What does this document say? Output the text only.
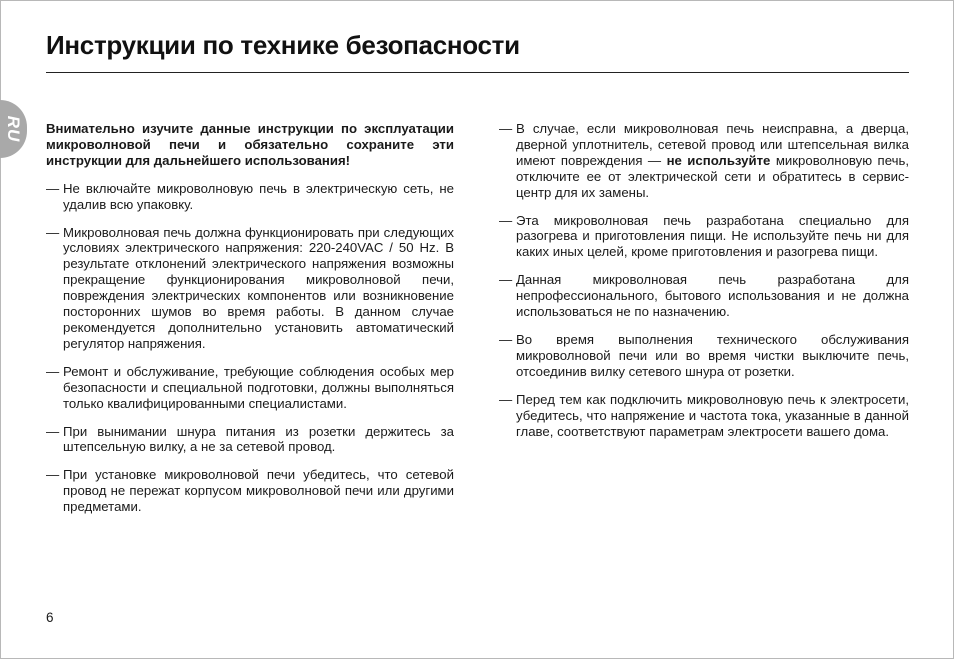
Инструкции по технике безопасности
RU Внимательно изучите данные инструкции по эксплуатации микроволновой печи и обязательно сохраните эти инструкции для дальнейшего использования!

— Не включайте микроволновую печь в электрическую сеть, не удалив всю упаковку.
— Микроволновая печь должна функционировать при следующих условиях электрического напряжения: 220-240VAC / 50 Hz. В результате отклонений электрического напряжения возможны прекращение функционирования микроволновой печи, повреждения электрических компонентов или возникновение посторонних шумов во время работы. В данном случае рекомендуется дополнительно установить автоматический регулятор напряжения.
— Ремонт и обслуживание, требующие соблюдения особых мер безопасности и специальной подготовки, должны выполняться только квалифицированными специалистами.
— При вынимании шнура питания из розетки держитесь за штепсельную вилку, а не за сетевой провод.
— При установке микроволновой печи убедитесь, что сетевой провод не пережат корпусом микроволновой печи или другими предметами.
— В случае, если микроволновая печь неисправна, а дверца, дверной уплотнитель, сетевой провод или штепсельная вилка имеют повреждения — не используйте микроволновую печь, отключите ее от электрической сети и обратитесь в сервис-центр для их замены.
— Эта микроволновая печь разработана специально для разогрева и приготовления пищи. Не используйте печь ни для каких иных целей, кроме приготовления и разогрева пищи.
— Данная микроволновая печь разработана для непрофессионального, бытового использования и не должна использоваться не по назначению.
— Во время выполнения технического обслуживания микроволновой печи или во время чистки выключите печь, отсоединив вилку сетевого шнура от розетки.
— Перед тем как подключить микроволновую печь к электросети, убедитесь, что напряжение и частота тока, указанные в данной главе, соответствуют параметрам электросети вашего дома.
6
